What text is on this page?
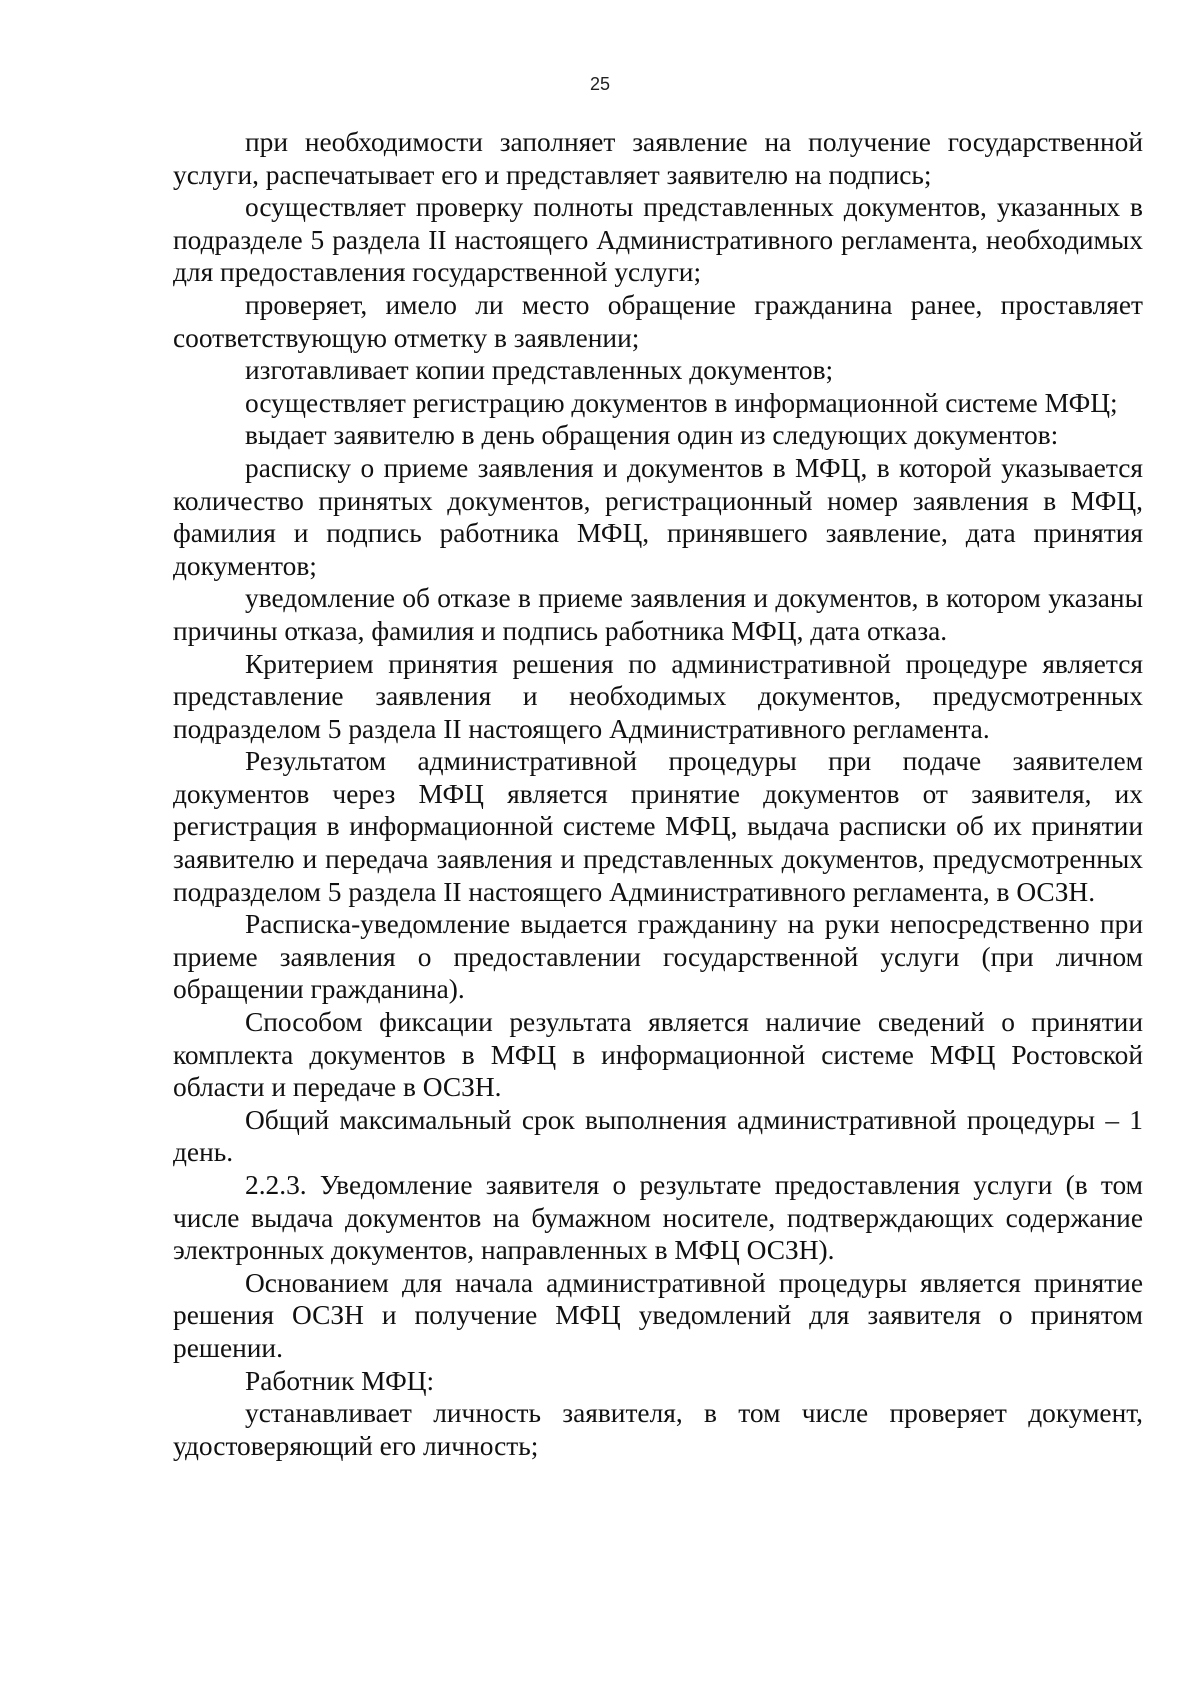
25

при необходимости заполняет заявление на получение государственной услуги, распечатывает его и представляет заявителю на подпись;

осуществляет проверку полноты представленных документов, указанных в подразделе 5 раздела II настоящего Административного регламента, необходимых для предоставления государственной услуги;

проверяет, имело ли место обращение гражданина ранее, проставляет соответствующую отметку в заявлении;

изготавливает копии представленных документов;

осуществляет регистрацию документов в информационной системе МФЦ;

выдает заявителю в день обращения один из следующих документов:

расписку о приеме заявления и документов в МФЦ, в которой указывается количество принятых документов, регистрационный номер заявления в МФЦ, фамилия и подпись работника МФЦ, принявшего заявление, дата принятия документов;

уведомление об отказе в приеме заявления и документов, в котором указаны причины отказа, фамилия и подпись работника МФЦ, дата отказа.

Критерием принятия решения по административной процедуре является представление заявления и необходимых документов, предусмотренных подразделом 5 раздела II настоящего Административного регламента.

Результатом административной процедуры при подаче заявителем документов через МФЦ является принятие документов от заявителя, их регистрация в информационной системе МФЦ, выдача расписки об их принятии заявителю и передача заявления и представленных документов, предусмотренных подразделом 5 раздела II настоящего Административного регламента, в ОСЗН.

Расписка-уведомление выдается гражданину на руки непосредственно при приеме заявления о предоставлении государственной услуги (при личном обращении гражданина).

Способом фиксации результата является наличие сведений о принятии комплекта документов в МФЦ в информационной системе МФЦ Ростовской области и передаче в ОСЗН.

Общий максимальный срок выполнения административной процедуры – 1 день.

2.2.3. Уведомление заявителя о результате предоставления услуги (в том числе выдача документов на бумажном носителе, подтверждающих содержание электронных документов, направленных в МФЦ ОСЗН).

Основанием для начала административной процедуры является принятие решения ОСЗН и получение МФЦ уведомлений для заявителя о принятом решении.

Работник МФЦ:

устанавливает личность заявителя, в том числе проверяет документ, удостоверяющий его личность;
